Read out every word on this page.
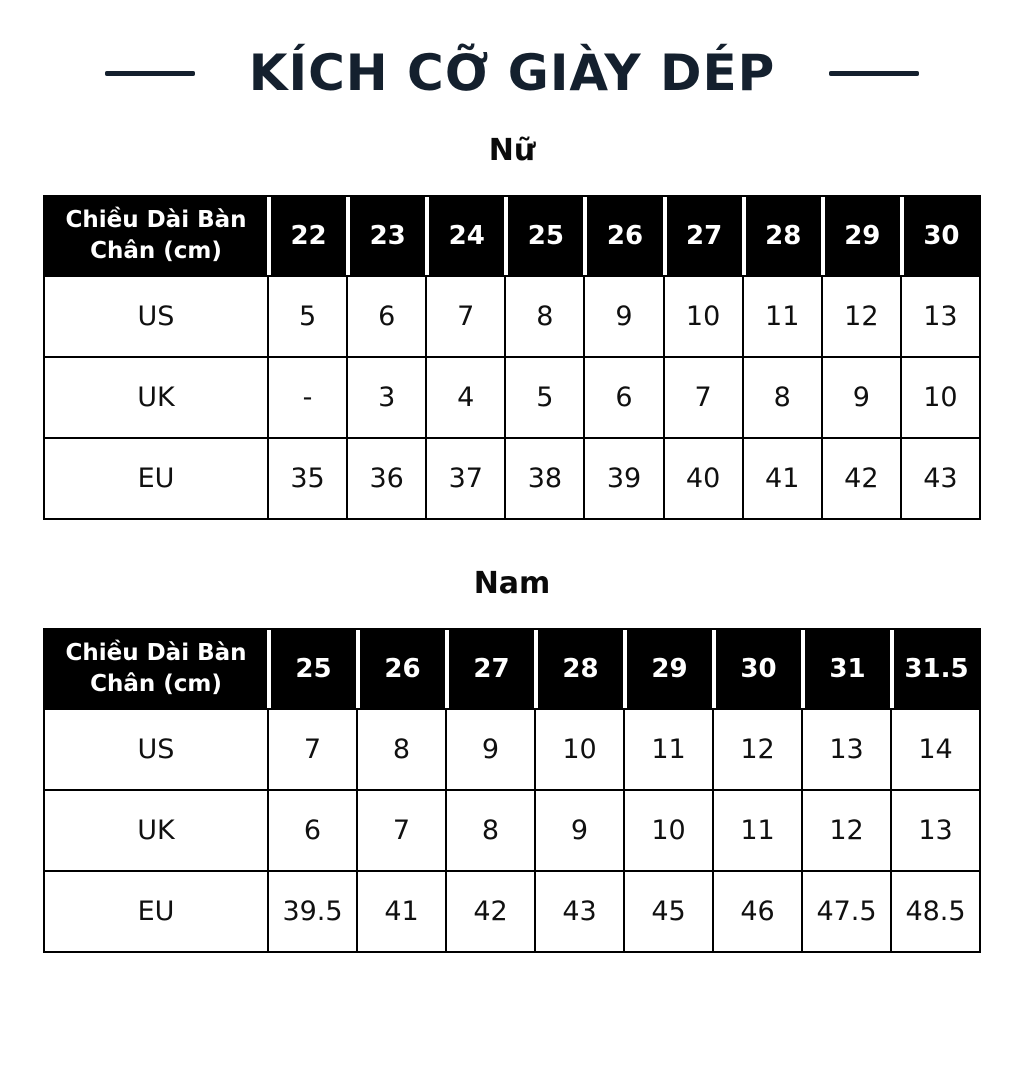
KÍCH CỠ GIÀY DÉP
Nữ
Chiều Dài Bàn Chân (cm)	22	23	24	25	26	27	28	29	30
US	5	6	7	8	9	10	11	12	13
UK	-	3	4	5	6	7	8	9	10
EU	35	36	37	38	39	40	41	42	43
Nam
Chiều Dài Bàn Chân (cm)	25	26	27	28	29	30	31	31.5
US	7	8	9	10	11	12	13	14
UK	6	7	8	9	10	11	12	13
EU	39.5	41	42	43	45	46	47.5	48.5
